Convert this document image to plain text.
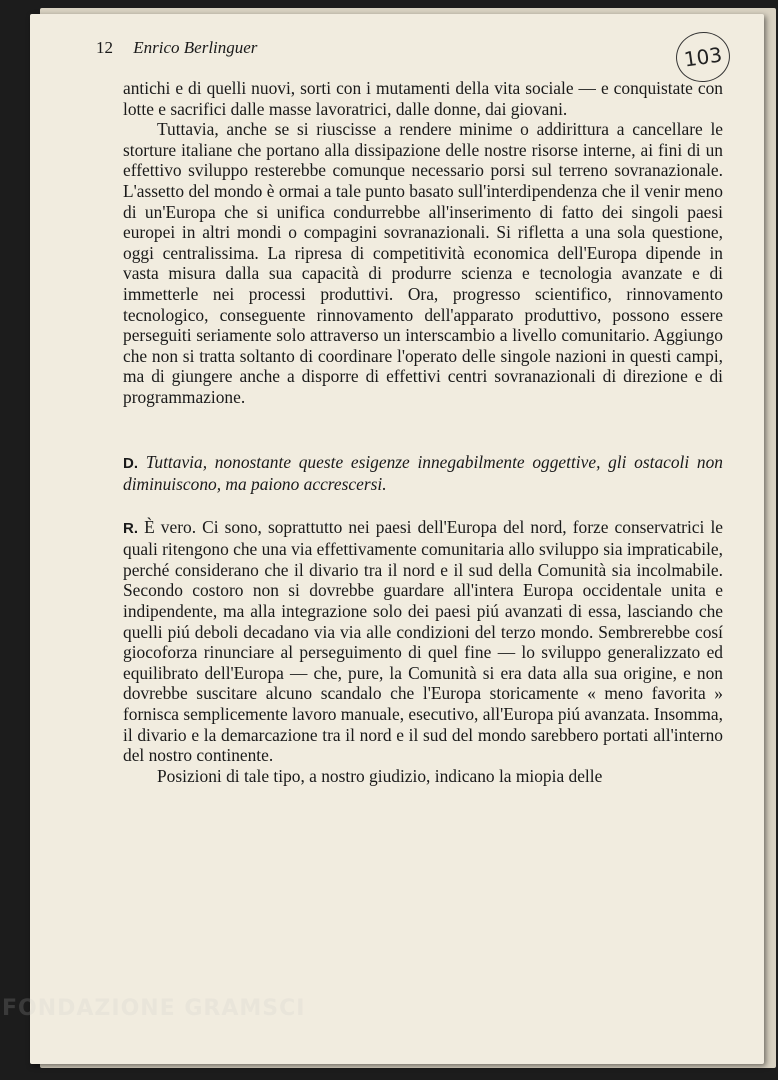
12 Enrico Berlinguer	103

antichi e di quelli nuovi, sorti con i mutamenti della vita sociale — e conquistate con lotte e sacrifici dalle masse lavoratrici, dalle donne, dai giovani.

Tuttavia, anche se si riuscisse a rendere minime o addirittura a cancellare le storture italiane che portano alla dissipazione delle nostre risorse interne, ai fini di un effettivo sviluppo resterebbe comunque necessario porsi sul terreno sovranazionale. L'assetto del mondo è ormai a tale punto basato sull'interdipendenza che il venir meno di un'Europa che si unifica condurrebbe all'inserimento di fatto dei singoli paesi europei in altri mondi o compagini sovranazionali. Si rifletta a una sola questione, oggi centralissima. La ripresa di competitività economica dell'Europa dipende in vasta misura dalla sua capacità di produrre scienza e tecnologia avanzate e di immetterle nei processi produttivi. Ora, progresso scientifico, rinnovamento tecnologico, conseguente rinnovamento dell'apparato produttivo, possono essere perseguiti seriamente solo attraverso un interscambio a livello comunitario. Aggiungo che non si tratta soltanto di coordinare l'operato delle singole nazioni in questi campi, ma di giungere anche a disporre di effettivi centri sovranazionali di direzione e di programmazione.

D. Tuttavia, nonostante queste esigenze innegabilmente oggettive, gli ostacoli non diminuiscono, ma paiono accrescersi.

R. È vero. Ci sono, soprattutto nei paesi dell'Europa del nord, forze conservatrici le quali ritengono che una via effettivamente comunitaria allo sviluppo sia impraticabile, perché considerano che il divario tra il nord e il sud della Comunità sia incolmabile. Secondo costoro non si dovrebbe guardare all'intera Europa occidentale unita e indipendente, ma alla integrazione solo dei paesi piú avanzati di essa, lasciando che quelli piú deboli decadano via via alle condizioni del terzo mondo. Sembrerebbe cosí giocoforza rinunciare al perseguimento di quel fine — lo sviluppo generalizzato ed equilibrato dell'Europa — che, pure, la Comunità si era data alla sua origine, e non dovrebbe suscitare alcuno scandalo che l'Europa storicamente « meno favorita » fornisca semplicemente lavoro manuale, esecutivo, all'Europa piú avanzata. Insomma, il divario e la demarcazione tra il nord e il sud del mondo sarebbero portati all'interno del nostro continente.

Posizioni di tale tipo, a nostro giudizio, indicano la miopia delle

FONDAZIONE GRAMSCI
